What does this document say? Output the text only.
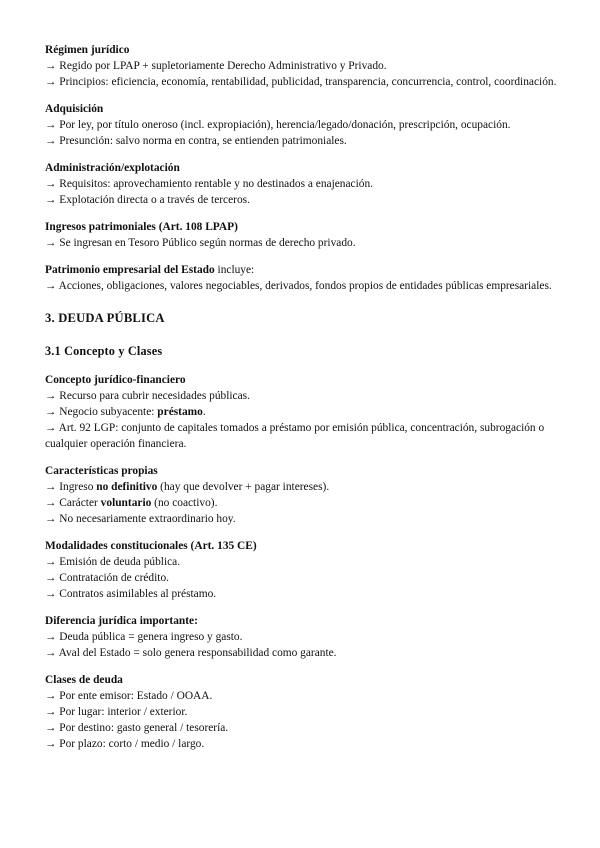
Régimen jurídico
→ Regido por LPAP + supletoriamente Derecho Administrativo y Privado.
→ Principios: eficiencia, economía, rentabilidad, publicidad, transparencia, concurrencia, control, coordinación.
Adquisición
→ Por ley, por título oneroso (incl. expropiación), herencia/legado/donación, prescripción, ocupación.
→ Presunción: salvo norma en contra, se entienden patrimoniales.
Administración/explotación
→ Requisitos: aprovechamiento rentable y no destinados a enajenación.
→ Explotación directa o a través de terceros.
Ingresos patrimoniales (Art. 108 LPAP)
→ Se ingresan en Tesoro Público según normas de derecho privado.
Patrimonio empresarial del Estado incluye:
→ Acciones, obligaciones, valores negociables, derivados, fondos propios de entidades públicas empresariales.
3. DEUDA PÚBLICA
3.1 Concepto y Clases
Concepto jurídico-financiero
→ Recurso para cubrir necesidades públicas.
→ Negocio subyacente: préstamo.
→ Art. 92 LGP: conjunto de capitales tomados a préstamo por emisión pública, concentración, subrogación o cualquier operación financiera.
Características propias
→ Ingreso no definitivo (hay que devolver + pagar intereses).
→ Carácter voluntario (no coactivo).
→ No necesariamente extraordinario hoy.
Modalidades constitucionales (Art. 135 CE)
→ Emisión de deuda pública.
→ Contratación de crédito.
→ Contratos asimilables al préstamo.
Diferencia jurídica importante:
→ Deuda pública = genera ingreso y gasto.
→ Aval del Estado = solo genera responsabilidad como garante.
Clases de deuda
→ Por ente emisor: Estado / OOAA.
→ Por lugar: interior / exterior.
→ Por destino: gasto general / tesorería.
→ Por plazo: corto / medio / largo.
